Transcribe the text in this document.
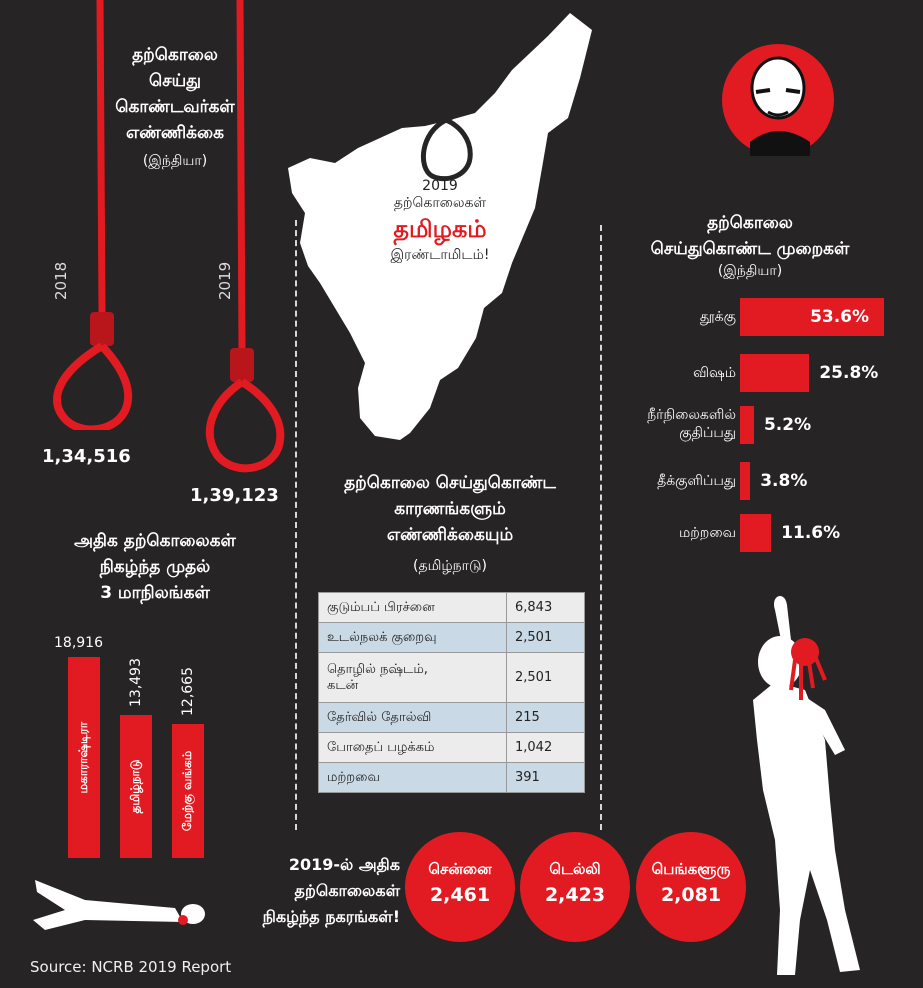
தற்கொலை
செய்து
கொண்டவர்கள்
எண்ணிக்கை
(இந்தியா)
2018	2019
1,34,516
1,39,123
2019
தற்கொலைகள்
தமிழகம்
இரண்டாமிடம்!
தற்கொலை
செய்துகொண்ட முறைகள்
(இந்தியா)
தூக்கு	53.6%
விஷம்	25.8%
நீர்நிலைகளில்
குதிப்பது 5.2%
தீக்குளிப்பது 3.8%
மற்றவை	11.6%
அதிக தற்கொலைகள்
நிகழ்ந்த முதல்
3 மாநிலங்கள்
மகாராஷ்டிரா
18,916
தமிழ்நாடு
13,493
மேற்கு வங்கம்
12,665
தற்கொலை செய்துகொண்ட
காரணங்களும்
எண்ணிக்கையும்
(தமிழ்நாடு)
குடும்பப் பிரச்னை	6,843

உடல்நலக் குறைவு	2,501

தொழில் நஷ்டம்,
கடன்	2,501

தேர்வில் தோல்வி	215

போதைப் பழக்கம்	1,042

மற்றவை	391
2019-ல் அதிக
தற்கொலைகள்
நிகழ்ந்த நகரங்கள்!
சென்னை
2,461
டெல்லி
2,423
பெங்களூரு
2,081
Source: NCRB 2019 Report
